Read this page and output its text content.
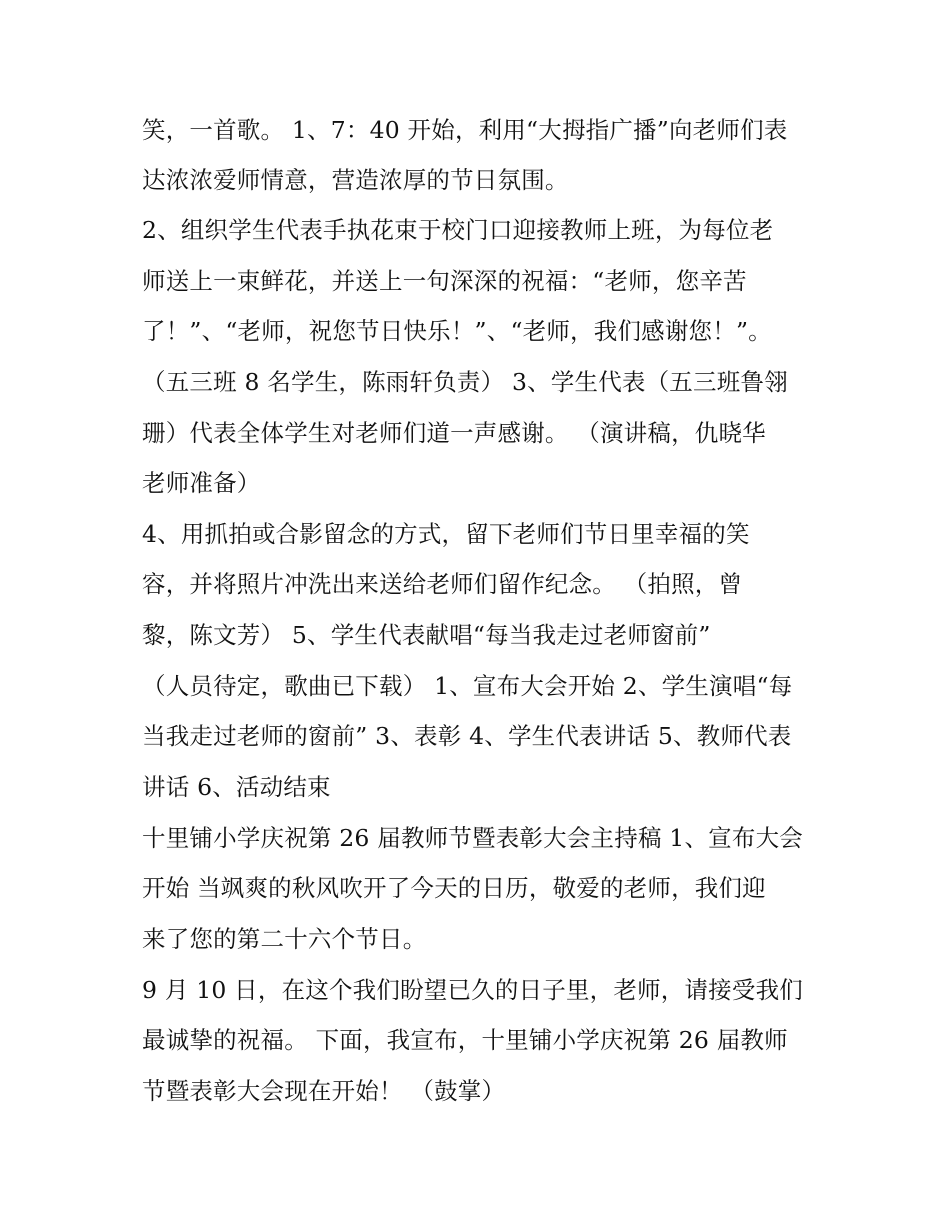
笑，一首歌。 1、7：40 开始，利用“大拇指广播”向老师们表
达浓浓爱师情意，营造浓厚的节日氛围。
2、组织学生代表手执花束于校门口迎接教师上班，为每位老
师送上一束鲜花，并送上一句深深的祝福：“老师，您辛苦
了！”、“老师，祝您节日快乐！”、“老师，我们感谢您！”。
（五三班 8 名学生，陈雨轩负责） 3、学生代表（五三班鲁翎
珊）代表全体学生对老师们道一声感谢。 （演讲稿，仇晓华
老师准备）
4、用抓拍或合影留念的方式，留下老师们节日里幸福的笑
容，并将照片冲洗出来送给老师们留作纪念。 （拍照，曾
黎，陈文芳） 5、学生代表献唱“每当我走过老师窗前”
（人员待定，歌曲已下载） 1、宣布大会开始 2、学生演唱“每
当我走过老师的窗前” 3、表彰 4、学生代表讲话 5、教师代表
讲话 6、活动结束
十里铺小学庆祝第 26 届教师节暨表彰大会主持稿 1、宣布大会
开始 当飒爽的秋风吹开了今天的日历，敬爱的老师，我们迎
来了您的第二十六个节日。
9 月 10 日，在这个我们盼望已久的日子里，老师，请接受我们
最诚挚的祝福。 下面，我宣布，十里铺小学庆祝第 26 届教师
节暨表彰大会现在开始！ （鼓掌）
